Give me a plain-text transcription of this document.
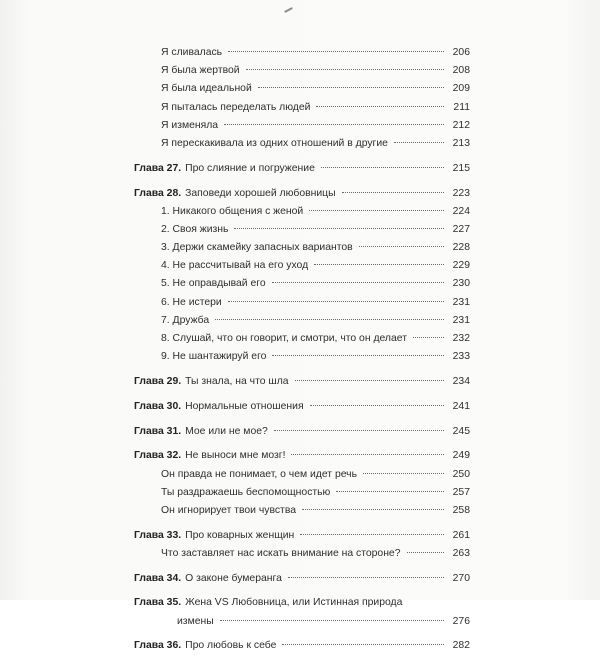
Я сливалась	206
Я была жертвой	208
Я была идеальной	209
Я пыталась переделать людей	211
Я изменяла	212
Я перескакивала из одних отношений в другие	213
Глава 27. Про слияние и погружение	215
Глава 28. Заповеди хорошей любовницы	223
1. Никакого общения с женой	224
2. Своя жизнь	227
3. Держи скамейку запасных вариантов	228
4. Не рассчитывай на его уход	229
5. Не оправдывай его	230
6. Не истери	231
7. Дружба	231
8. Слушай, что он говорит, и смотри, что он делает	232
9. Не шантажируй его	233
Глава 29. Ты знала, на что шла	234
Глава 30. Нормальные отношения	241
Глава 31. Мое или не мое?	245
Глава 32. Не выноси мне мозг!	249
Он правда не понимает, о чем идет речь	250
Ты раздражаешь беспомощностью	257
Он игнорирует твои чувства	258
Глава 33. Про коварных женщин	261
Что заставляет нас искать внимание на стороне?	263
Глава 34. О законе бумеранга	270
Глава 35. Жена VS Любовница, или Истинная природа
измены	276
Глава 36. Про любовь к себе	282
